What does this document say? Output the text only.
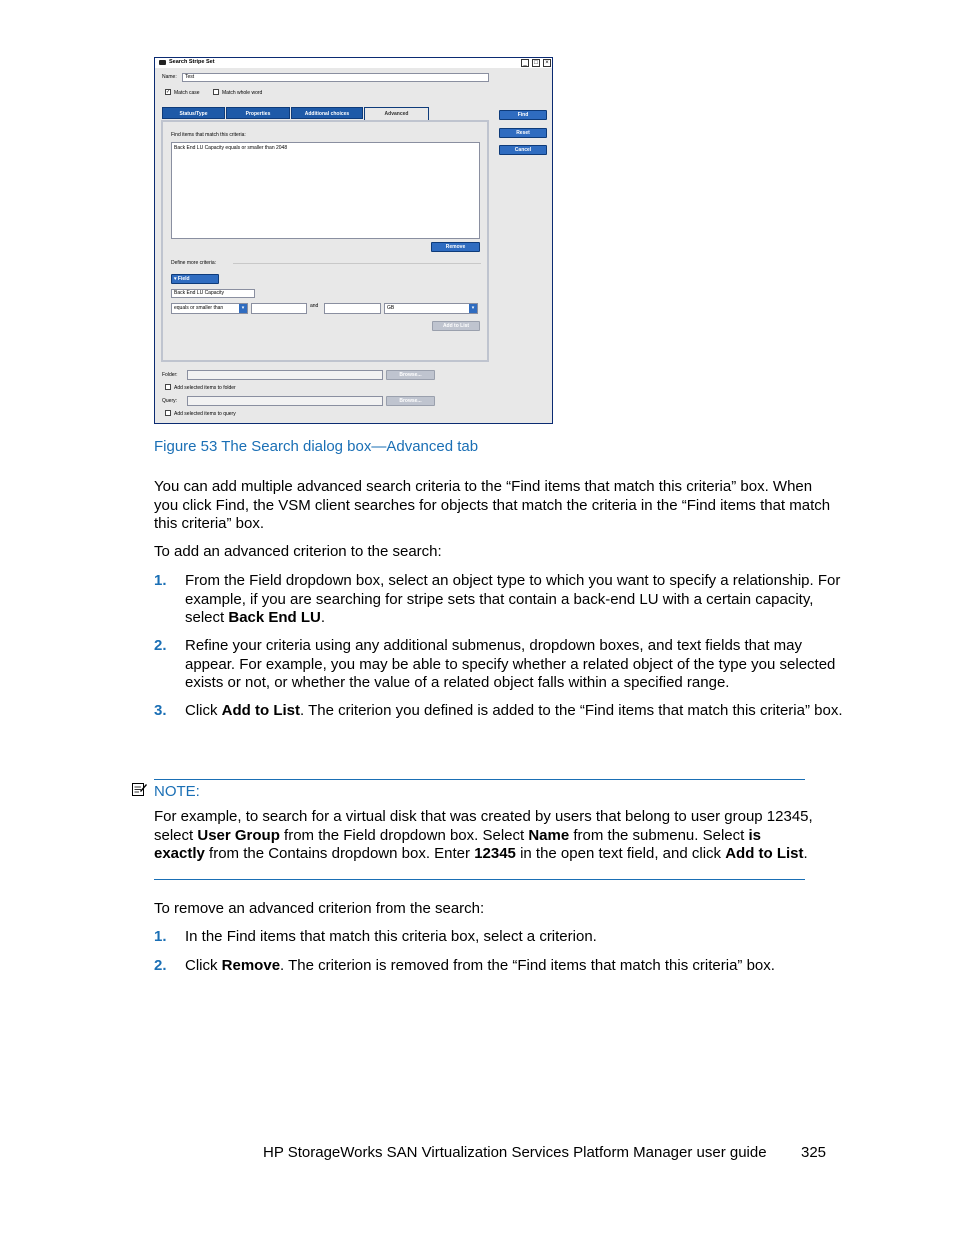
Search Stripe Set	_	□	×
Name:	Test
✓ Match case	Match whole word
Status/Type	Properties	Additional choices	Advanced
Find items that match this criteria:
Back End LU Capacity equals or smaller than 2048
Remove
Define more criteria:
▾ Field
Back End LU Capacity
equals or smaller than	▾	and	GB	▾
Add to List
Find
Reset
Cancel
Folder:	Browse...
Add selected items to folder
Query:	Browse...
Add selected items to query
Figure 53 The Search dialog box—Advanced tab
You can add multiple advanced search criteria to the “Find items that match this criteria” box. When you click Find, the VSM client searches for objects that match the criteria in the “Find items that match this criteria” box.
To add an advanced criterion to the search:
1. From the Field dropdown box, select an object type to which you want to specify a relationship. For example, if you are searching for stripe sets that contain a back-end LU with a certain capacity, select Back End LU.
2. Refine your criteria using any additional submenus, dropdown boxes, and text fields that may appear. For example, you may be able to specify whether a related object of the type you selected exists or not, or whether the value of a related object falls within a specified range.
3. Click Add to List. The criterion you defined is added to the “Find items that match this criteria” box.
NOTE:
For example, to search for a virtual disk that was created by users that belong to user group 12345, select User Group from the Field dropdown box. Select Name from the submenu. Select is exactly from the Contains dropdown box. Enter 12345 in the open text field, and click Add to List.
To remove an advanced criterion from the search:
1. In the Find items that match this criteria box, select a criterion.
2. Click Remove. The criterion is removed from the “Find items that match this criteria” box.
HP StorageWorks SAN Virtualization Services Platform Manager user guide 325
